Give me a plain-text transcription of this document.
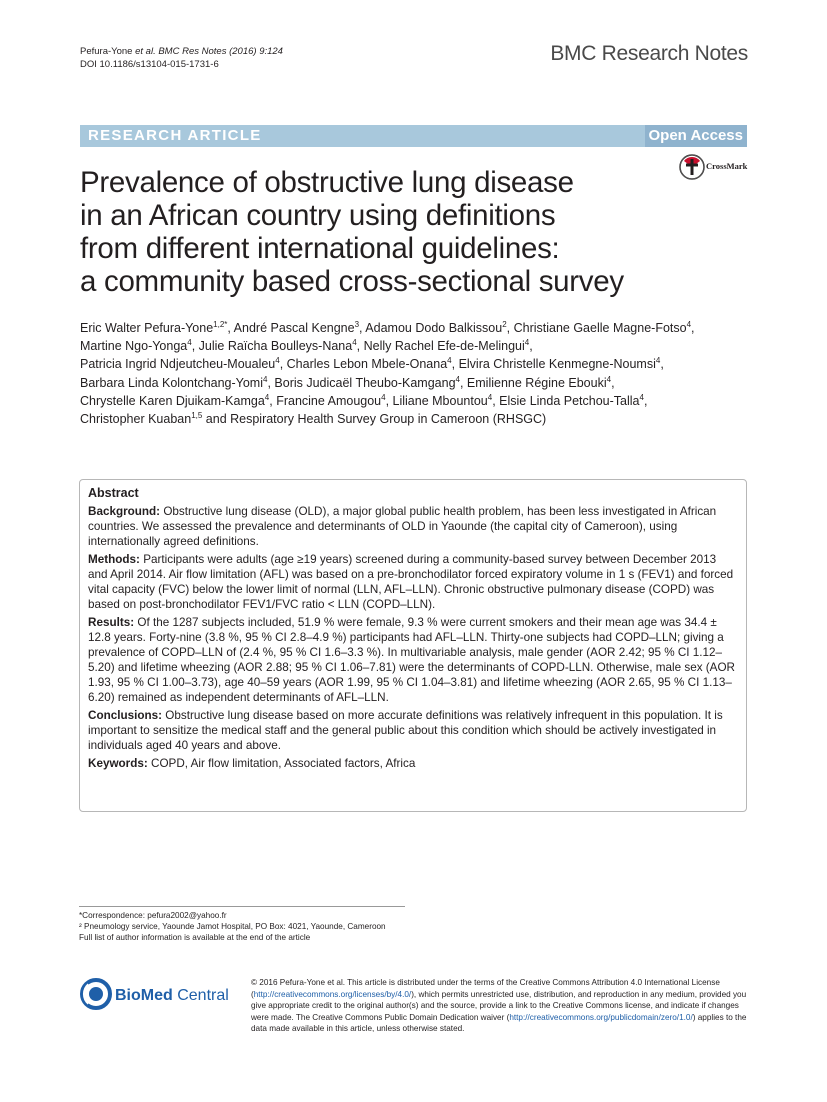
Pefura-Yone et al. BMC Res Notes (2016) 9:124
DOI 10.1186/s13104-015-1731-6	BMC Research Notes
RESEARCH ARTICLE	Open Access
CrossMark
Prevalence of obstructive lung disease
in an African country using definitions
from different international guidelines:
a community based cross-sectional survey
Eric Walter Pefura-Yone$^{1,2*}$, André Pascal Kengne$^3$, Adamou Dodo Balkissou$^2$, Christiane Gaelle Magne-Fotso$^4$,
Martine Ngo-Yonga$^4$, Julie Raïcha Boulleys-Nana$^4$, Nelly Rachel Efe-de-Melingui$^4$,
Patricia Ingrid Ndjeutcheu-Moualeu$^4$, Charles Lebon Mbele-Onana$^4$, Elvira Christelle Kenmegne-Noumsi$^4$,
Barbara Linda Kolontchang-Yomi$^4$, Boris Judicaël Theubo-Kamgang$^4$, Emilienne Régine Ebouki$^4$,
Chrystelle Karen Djuikam-Kamga$^4$, Francine Amougou$^4$, Liliane Mbountou$^4$, Elsie Linda Petchou-Talla$^4$,
Christopher Kuaban$^{1,5}$ and Respiratory Health Survey Group in Cameroon (RHSGC)
Abstract

Background: Obstructive lung disease (OLD), a major global public health problem, has been less investigated in African countries. We assessed the prevalence and determinants of OLD in Yaounde (the capital city of Cameroon), using internationally agreed definitions.

Methods: Participants were adults (age ≥19 years) screened during a community-based survey between December 2013 and April 2014. Air flow limitation (AFL) was based on a pre-bronchodilator forced expiratory volume in 1 s (FEV1) and forced vital capacity (FVC) below the lower limit of normal (LLN, AFL–LLN). Chronic obstructive pulmonary disease (COPD) was based on post-bronchodilator FEV1/FVC ratio < LLN (COPD–LLN).

Results: Of the 1287 subjects included, 51.9 % were female, 9.3 % were current smokers and their mean age was 34.4 ± 12.8 years. Forty-nine (3.8 %, 95 % CI 2.8–4.9 %) participants had AFL–LLN. Thirty-one subjects had COPD–LLN; giving a prevalence of COPD–LLN of (2.4 %, 95 % CI 1.6–3.3 %). In multivariable analysis, male gender (AOR 2.42; 95 % CI 1.12–5.20) and lifetime wheezing (AOR 2.88; 95 % CI 1.06–7.81) were the determinants of COPD-LLN. Otherwise, male sex (AOR 1.93, 95 % CI 1.00–3.73), age 40–59 years (AOR 1.99, 95 % CI 1.04–3.81) and lifetime wheezing (AOR 2.65, 95 % CI 1.13–6.20) remained as independent determinants of AFL–LLN.

Conclusions: Obstructive lung disease based on more accurate definitions was relatively infrequent in this population. It is important to sensitize the medical staff and the general public about this condition which should be actively investigated in individuals aged 40 years and above.

Keywords: COPD, Air flow limitation, Associated factors, Africa

*Correspondence: pefura2002@yahoo.fr
² Pneumology service, Yaounde Jamot Hospital, PO Box: 4021, Yaounde, Cameroon
Full list of author information is available at the end of the article
BioMed Central
© 2016 Pefura-Yone et al. This article is distributed under the terms of the Creative Commons Attribution 4.0 International License (http://creativecommons.org/licenses/by/4.0/), which permits unrestricted use, distribution, and reproduction in any medium, provided you give appropriate credit to the original author(s) and the source, provide a link to the Creative Commons license, and indicate if changes were made. The Creative Commons Public Domain Dedication waiver (http://creativecommons.org/publicdomain/zero/1.0/) applies to the data made available in this article, unless otherwise stated.
